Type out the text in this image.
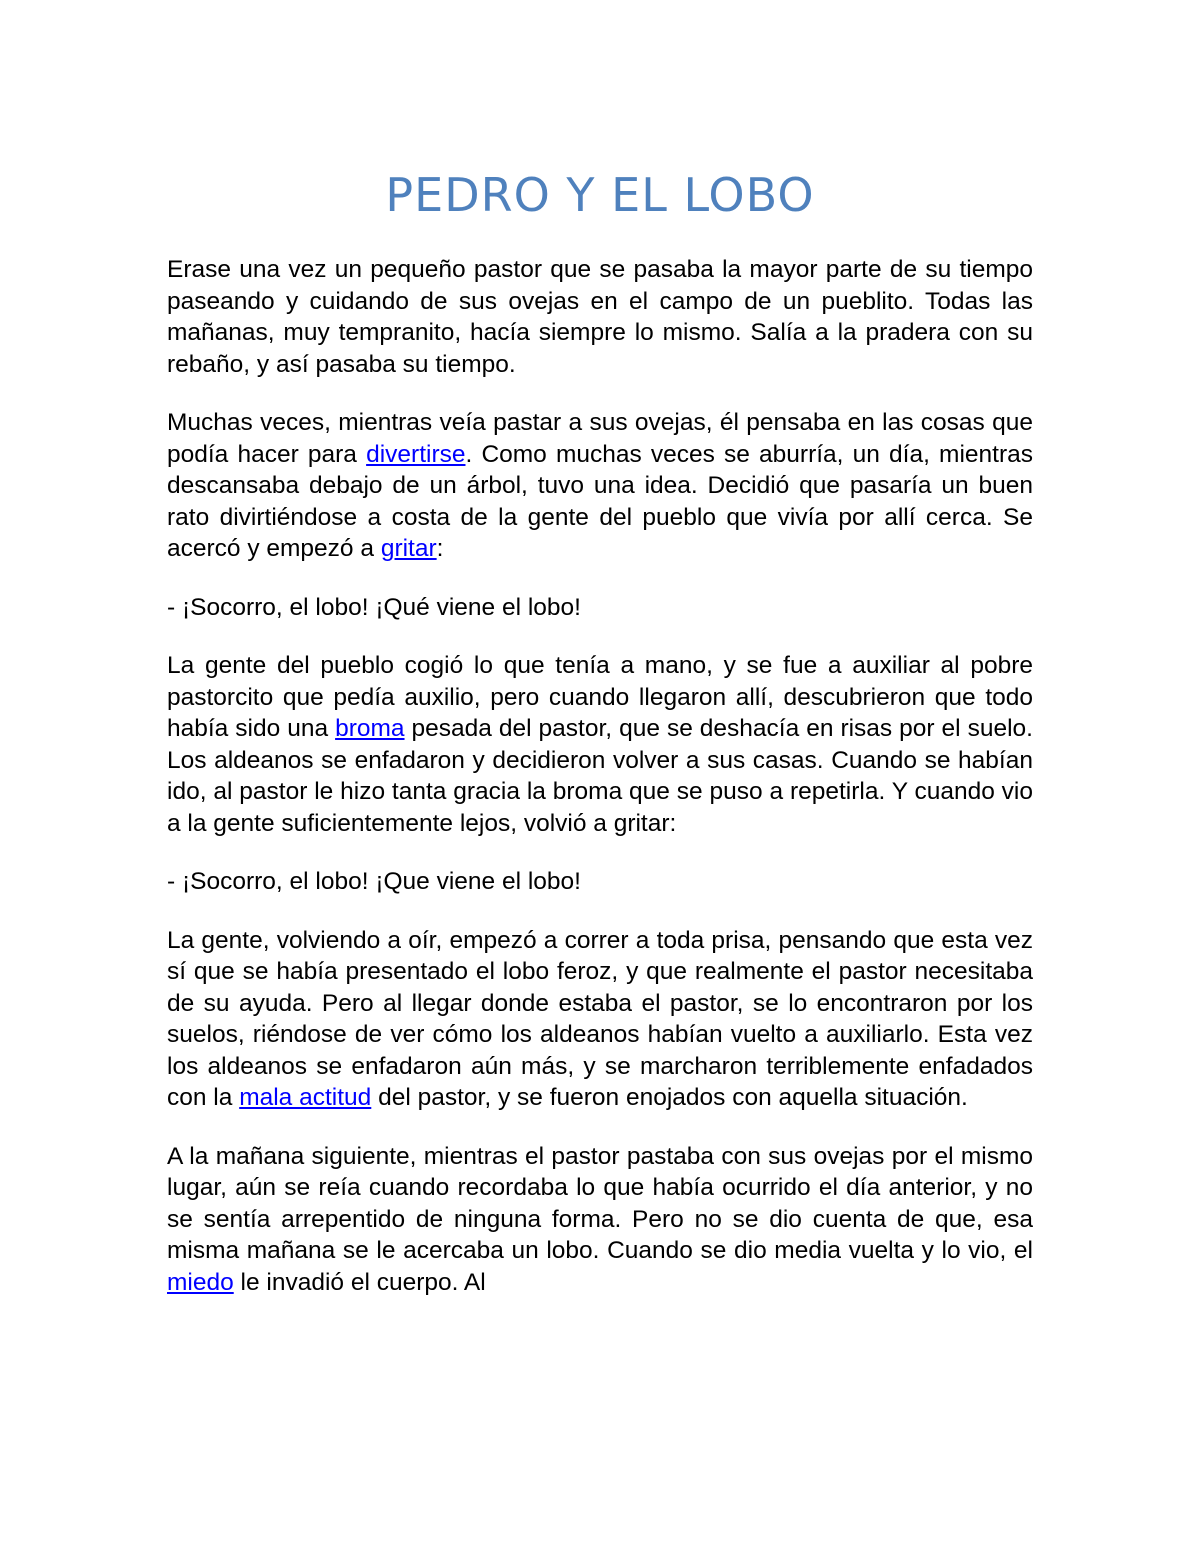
PEDRO Y EL LOBO

Erase una vez un pequeño pastor que se pasaba la mayor parte de su tiempo paseando y cuidando de sus ovejas en el campo de un pueblito. Todas las mañanas, muy tempranito, hacía siempre lo mismo. Salía a la pradera con su rebaño, y así pasaba su tiempo.

Muchas veces, mientras veía pastar a sus ovejas, él pensaba en las cosas que podía hacer para divertirse. Como muchas veces se aburría, un día, mientras descansaba debajo de un árbol, tuvo una idea. Decidió que pasaría un buen rato divirtiéndose a costa de la gente del pueblo que vivía por allí cerca. Se acercó y empezó a gritar:

- ¡Socorro, el lobo! ¡Qué viene el lobo!

La gente del pueblo cogió lo que tenía a mano, y se fue a auxiliar al pobre pastorcito que pedía auxilio, pero cuando llegaron allí, descubrieron que todo había sido una broma pesada del pastor, que se deshacía en risas por el suelo. Los aldeanos se enfadaron y decidieron volver a sus casas. Cuando se habían ido, al pastor le hizo tanta gracia la broma que se puso a repetirla. Y cuando vio a la gente suficientemente lejos, volvió a gritar:

- ¡Socorro, el lobo! ¡Que viene el lobo!

La gente, volviendo a oír, empezó a correr a toda prisa, pensando que esta vez sí que se había presentado el lobo feroz, y que realmente el pastor necesitaba de su ayuda. Pero al llegar donde estaba el pastor, se lo encontraron por los suelos, riéndose de ver cómo los aldeanos habían vuelto a auxiliarlo. Esta vez los aldeanos se enfadaron aún más, y se marcharon terriblemente enfadados con la mala actitud del pastor, y se fueron enojados con aquella situación.

A la mañana siguiente, mientras el pastor pastaba con sus ovejas por el mismo lugar, aún se reía cuando recordaba lo que había ocurrido el día anterior, y no se sentía arrepentido de ninguna forma. Pero no se dio cuenta de que, esa misma mañana se le acercaba un lobo. Cuando se dio media vuelta y lo vio, el miedo le invadió el cuerpo. Al
